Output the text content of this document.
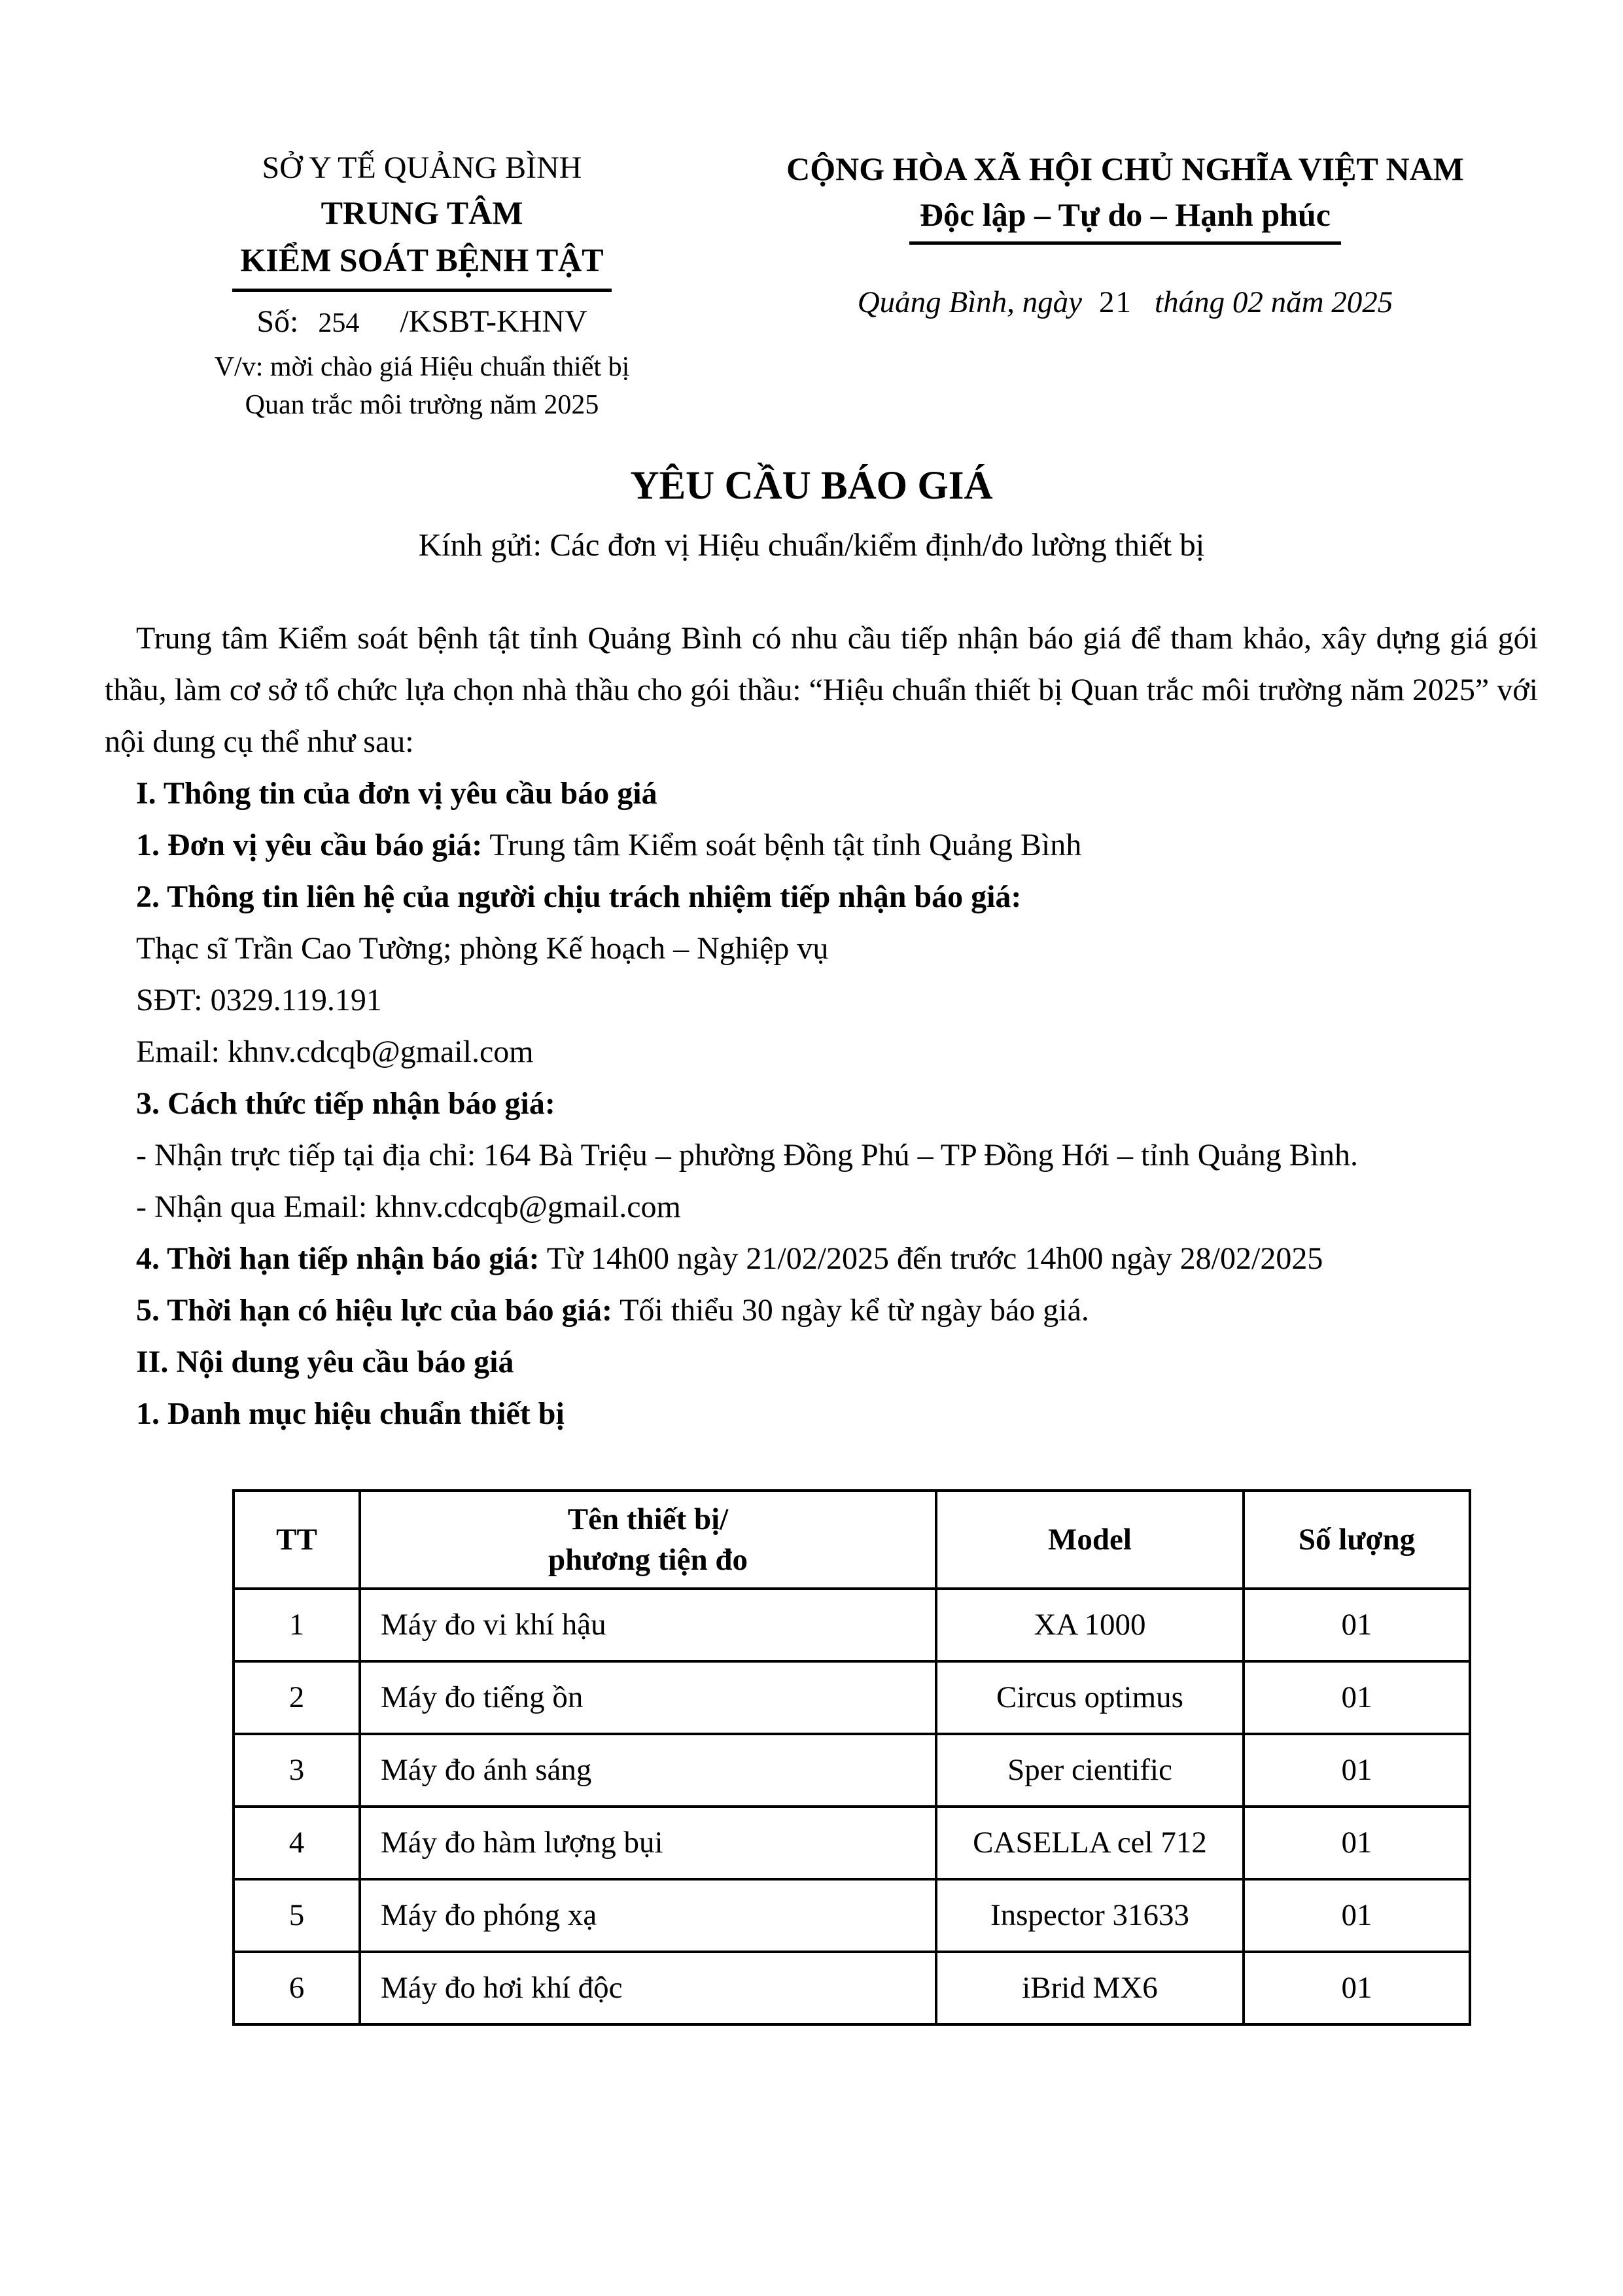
SỞ Y TẾ QUẢNG BÌNH
TRUNG TÂM
KIỂM SOÁT BỆNH TẬT
Số: 254 /KSBT-KHNV
V/v: mời chào giá Hiệu chuẩn thiết bị
Quan trắc môi trường năm 2025
CỘNG HÒA XÃ HỘI CHỦ NGHĨA VIỆT NAM
Độc lập – Tự do – Hạnh phúc
Quảng Bình, ngày 21 tháng 02 năm 2025
YÊU CẦU BÁO GIÁ
Kính gửi: Các đơn vị Hiệu chuẩn/kiểm định/đo lường thiết bị

Trung tâm Kiểm soát bệnh tật tỉnh Quảng Bình có nhu cầu tiếp nhận báo giá để tham khảo, xây dựng giá gói thầu, làm cơ sở tổ chức lựa chọn nhà thầu cho gói thầu: “Hiệu chuẩn thiết bị Quan trắc môi trường năm 2025” với nội dung cụ thể như sau:

I. Thông tin của đơn vị yêu cầu báo giá

1. Đơn vị yêu cầu báo giá: Trung tâm Kiểm soát bệnh tật tỉnh Quảng Bình

2. Thông tin liên hệ của người chịu trách nhiệm tiếp nhận báo giá:

Thạc sĩ Trần Cao Tường; phòng Kế hoạch – Nghiệp vụ

SĐT: 0329.119.191

Email: khnv.cdcqb@gmail.com

3. Cách thức tiếp nhận báo giá:

- Nhận trực tiếp tại địa chỉ: 164 Bà Triệu – phường Đồng Phú – TP Đồng Hới – tỉnh Quảng Bình.

- Nhận qua Email: khnv.cdcqb@gmail.com

4. Thời hạn tiếp nhận báo giá: Từ 14h00 ngày 21/02/2025 đến trước 14h00 ngày 28/02/2025

5. Thời hạn có hiệu lực của báo giá: Tối thiểu 30 ngày kể từ ngày báo giá.

II. Nội dung yêu cầu báo giá

1. Danh mục hiệu chuẩn thiết bị

TT	Tên thiết bị/
phương tiện đo	Model	Số lượng
1	Máy đo vi khí hậu	XA 1000	01
2	Máy đo tiếng ồn	Circus optimus	01
3	Máy đo ánh sáng	Sper cientific	01
4	Máy đo hàm lượng bụi	CASELLA cel 712	01
5	Máy đo phóng xạ	Inspector 31633	01
6	Máy đo hơi khí độc	iBrid MX6	01
